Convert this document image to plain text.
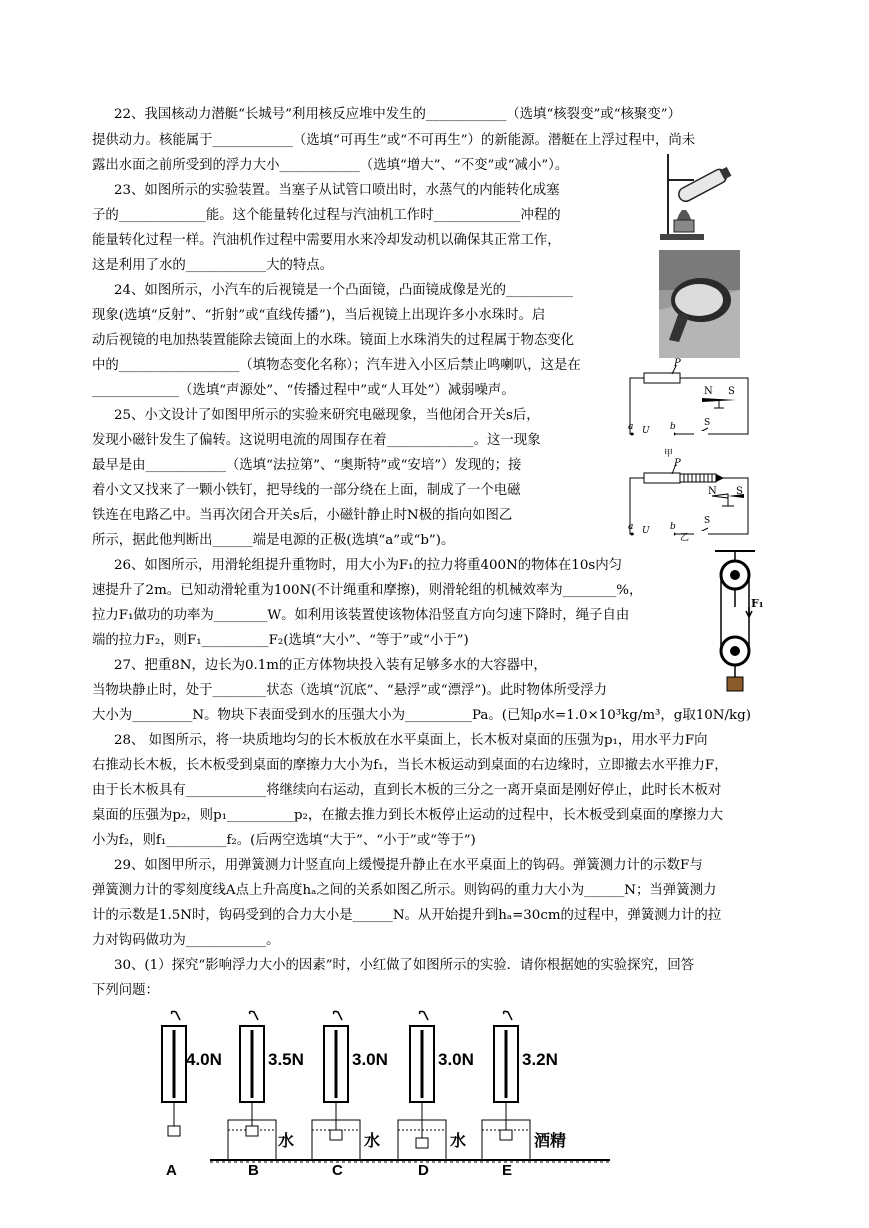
22、我国核动力潜艇“长城号”利用核反应堆中发生的____________（选填“核裂变”或“核聚变”）
提供动力。核能属于____________（选填“可再生”或“不可再生”）的新能源。潜艇在上浮过程中，尚未
露出水面之前所受到的浮力大小____________（选填“增大”、“不变”或“减小”）。
23、如图所示的实验装置。当塞子从试管口喷出时，水蒸气的内能转化成塞
子的_____________能。这个能量转化过程与汽油机工作时_____________冲程的
能量转化过程一样。汽油机作过程中需要用水来冷却发动机以确保其正常工作，
这是利用了水的____________大的特点。
24、如图所示，小汽车的后视镜是一个凸面镜，凸面镜成像是光的__________
现象(选填“反射”、“折射”或“直线传播”)，当后视镜上出现许多小水珠时。启
动后视镜的电加热装置能除去镜面上的水珠。镜面上水珠消失的过程属于物态变化
中的__________________（填物态变化名称）；汽车进入小区后禁止鸣喇叭，这是在
_____________（选填“声源处”、“传播过程中”或“人耳处”）减弱噪声。
25、小文设计了如图甲所示的实验来研究电磁现象，当他闭合开关s后，
发现小磁针发生了偏转。这说明电流的周围存在着_____________。这一现象
最早是由____________（选填“法拉第”、“奥斯特”或“安培”）发现的；接
着小文又找来了一颗小铁钉，把导线的一部分绕在上面，制成了一个电磁
铁连在电路乙中。当再次闭合开关s后，小磁针静止时N极的指向如图乙
所示，据此他判断出______端是电源的正极(选填“a”或“b”)。
26、如图所示，用滑轮组提升重物时，用大小为F₁的拉力将重400N的物体在10s内匀
速提升了2m。已知动滑轮重为100N(不计绳重和摩擦)，则滑轮组的机械效率为________%，
拉力F₁做功的功率为________W。如利用该装置使该物体沿竖直方向匀速下降时，绳子自由
端的拉力F₂，则F₁__________F₂(选填“大小”、“等于”或“小于”)
27、把重8N，边长为0.1m的正方体物块投入装有足够多水的大容器中，
当物块静止时，处于________状态（选填“沉底”、“悬浮”或“漂浮”)。此时物体所受浮力
大小为_________N。物块下表面受到水的压强大小为__________Pa。(已知ρ水=1.0×10³kg/m³，g取10N/kg)
28、 如图所示，将一块质地均匀的长木板放在水平桌面上，长木板对桌面的压强为p₁，用水平力F向
右推动长木板，长木板受到桌面的摩擦力大小为f₁，当长木板运动到桌面的右边缘时，立即撤去水平推力F，
由于长木板具有____________将继续向右运动，直到长木板的三分之一离开桌面是刚好停止，此时长木板对
桌面的压强为p₂，则p₁__________p₂，在撤去推力到长木板停止运动的过程中，长木板受到桌面的摩擦力大
小为f₂，则f₁_________f₂。(后两空选填“大于”、“小于”或“等于”)
29、如图甲所示，用弹簧测力计竖直向上缓慢提升静止在水平桌面上的钩码。弹簧测力计的示数F与
弹簧测力计的零刻度线A点上升高度hₐ之间的关系如图乙所示。则钩码的重力大小为______N；当弹簧测力
计的示数是1.5N时，钩码受到的合力大小是______N。从开始提升到hₐ=30cm的过程中，弹簧测力计的拉
力对钩码做功为____________。
30、(1）探究“影响浮力大小的因素”时，小红做了如图所示的实验．请你根据她的实验探究，回答
下列问题：
P
N S
a U b	S
甲
P
N S
a U b
S
乙
F₁
4.0N	3.5N	3.0N	3.0N	3.2N
水	水	水	酒精
A	B	C	D	E
